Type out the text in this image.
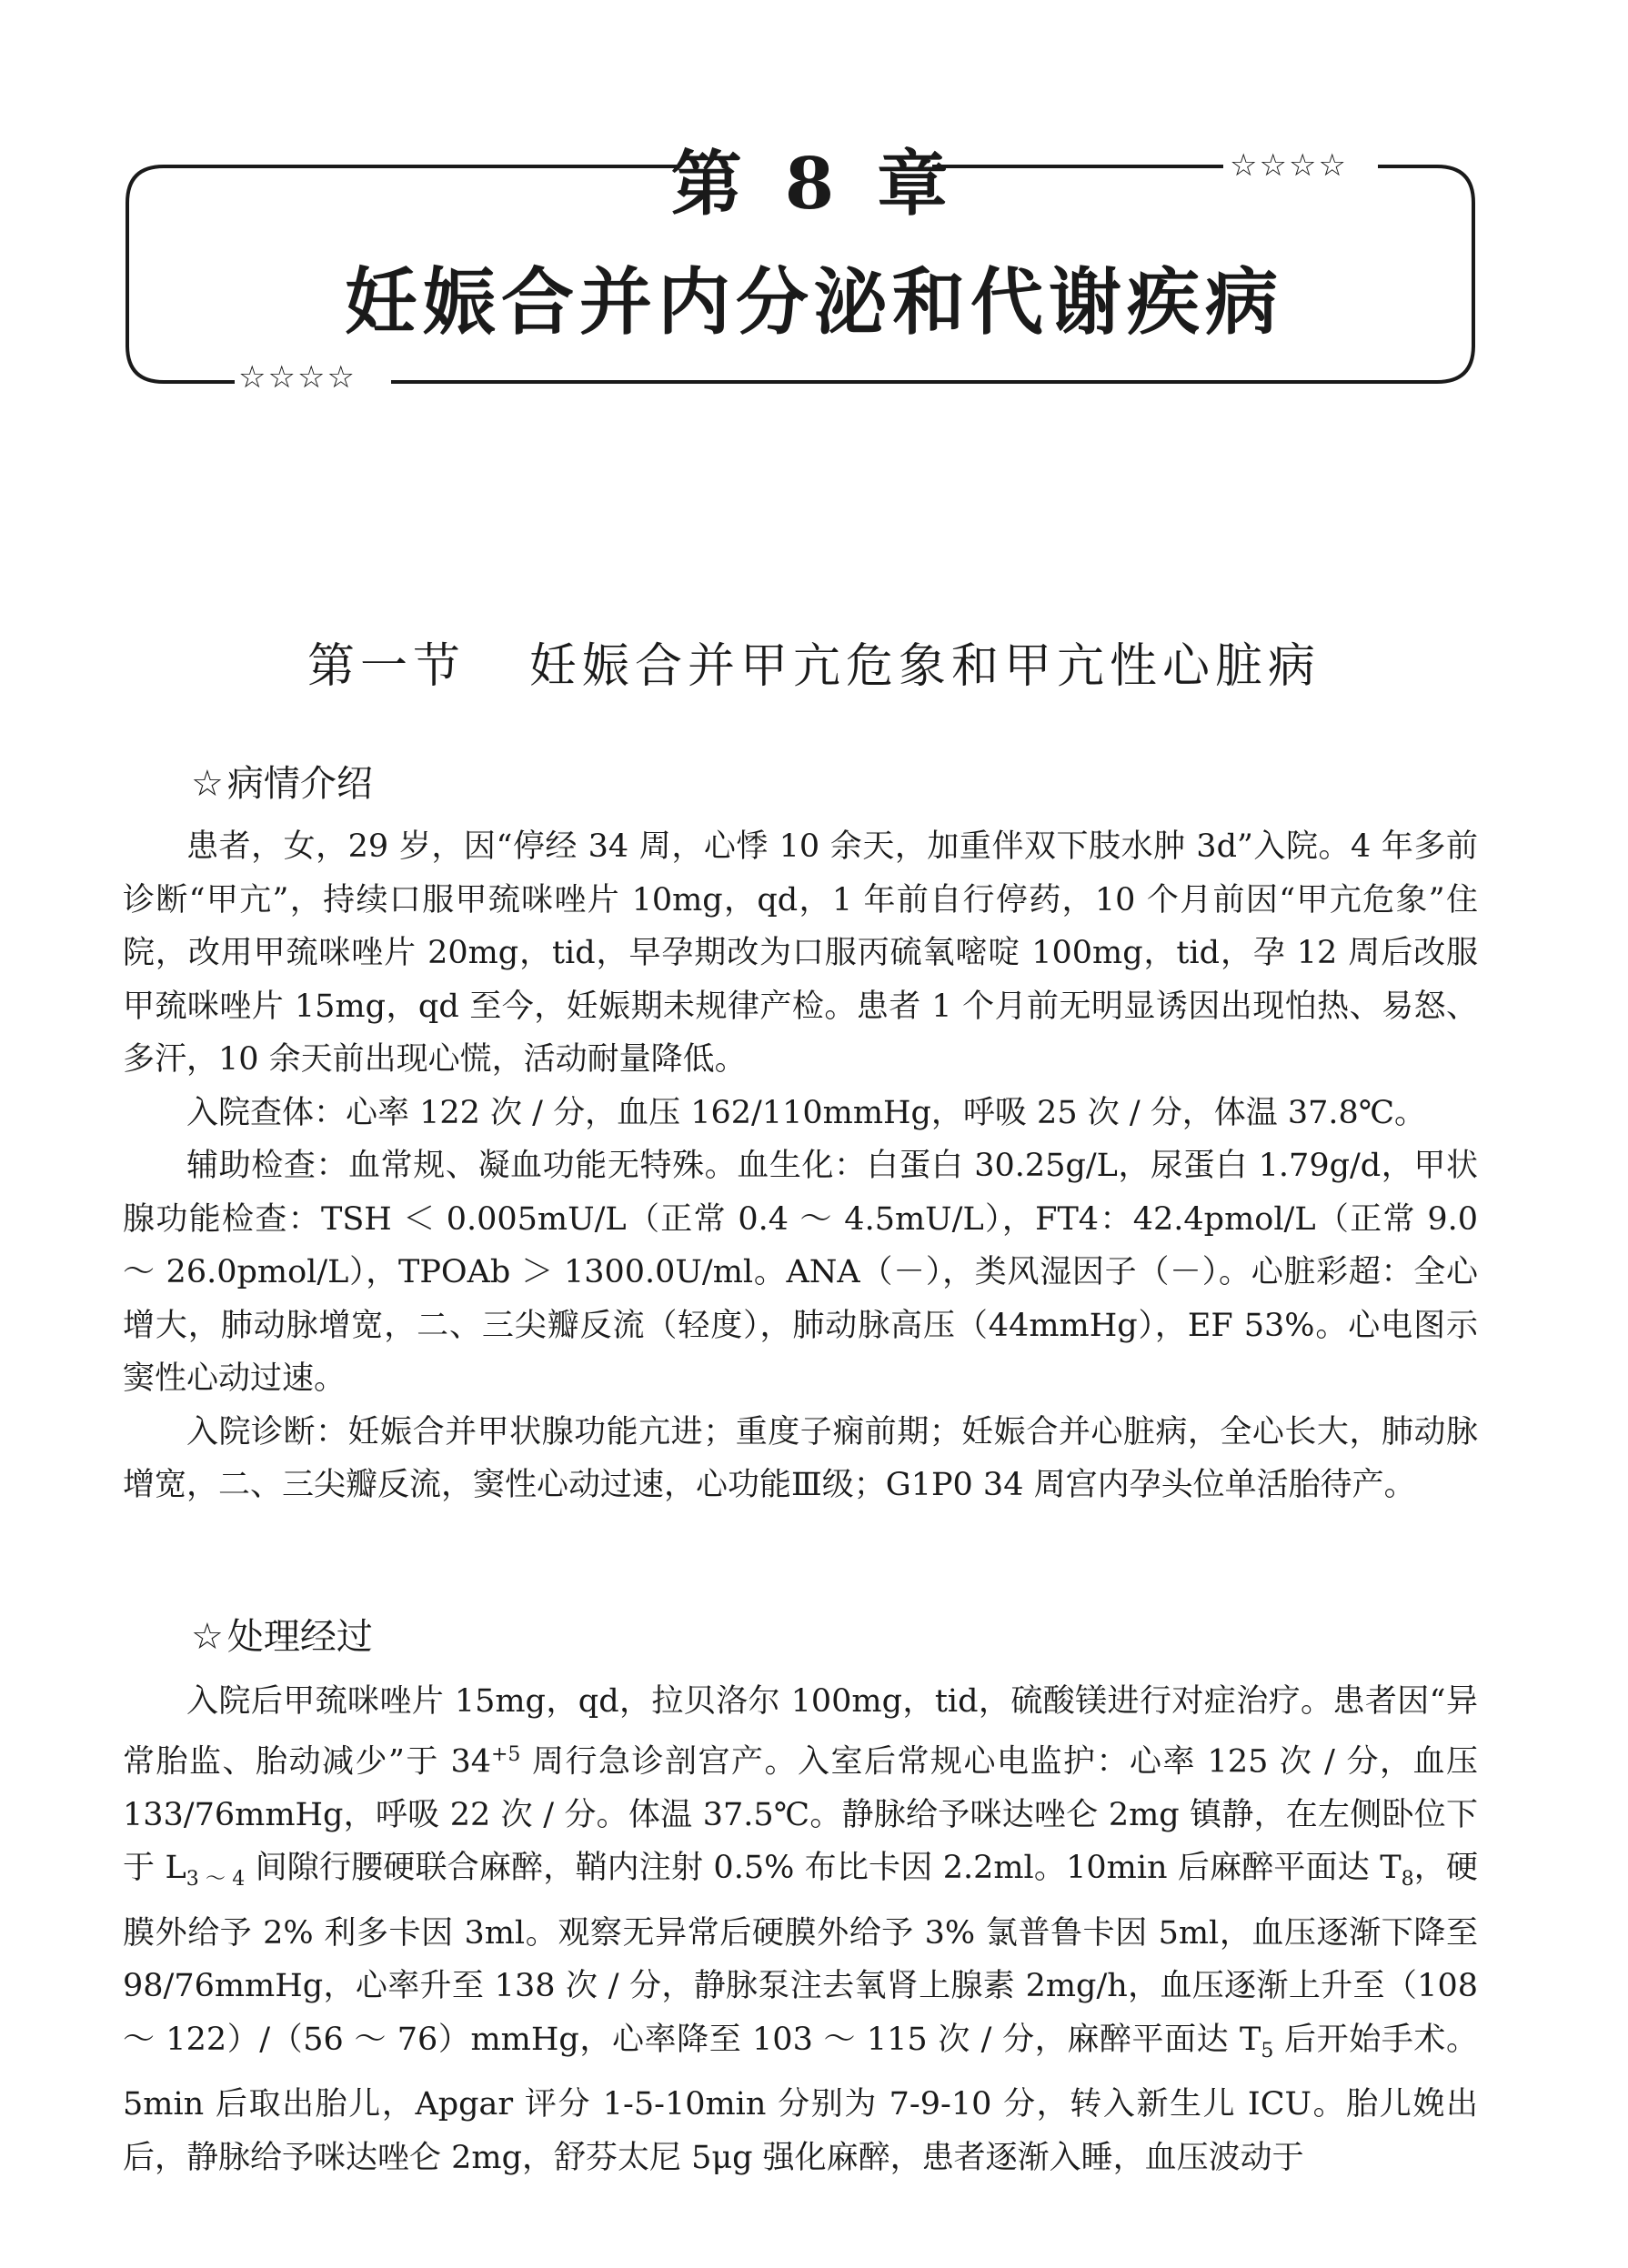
第 8 章
妊娠合并内分泌和代谢疾病
☆☆☆☆
☆☆☆☆
第一节 妊娠合并甲亢危象和甲亢性心脏病
☆ 病情介绍

患者，女，29 岁，因“停经 34 周，心悸 10 余天，加重伴双下肢水肿 3d”入院。4 年多前诊断“甲亢”，持续口服甲巯咪唑片 10mg，qd，1 年前自行停药，10 个月前因“甲亢危象”住院，改用甲巯咪唑片 20mg，tid，早孕期改为口服丙硫氧嘧啶 100mg，tid，孕 12 周后改服甲巯咪唑片 15mg，qd 至今，妊娠期未规律产检。患者 1 个月前无明显诱因出现怕热、易怒、多汗，10 余天前出现心慌，活动耐量降低。

入院查体：心率 122 次 / 分，血压 162/110mmHg，呼吸 25 次 / 分，体温 37.8℃。

辅助检查：血常规、凝血功能无特殊。血生化：白蛋白 30.25g/L，尿蛋白 1.79g/d，甲状腺功能检查：TSH ＜ 0.005mU/L（正常 0.4 ～ 4.5mU/L），FT4：42.4pmol/L（正常 9.0 ～ 26.0pmol/L），TPOAb ＞ 1300.0U/ml。ANA（－），类风湿因子（－）。心脏彩超：全心增大，肺动脉增宽，二、三尖瓣反流（轻度），肺动脉高压（44mmHg），EF 53%。心电图示窦性心动过速。

入院诊断：妊娠合并甲状腺功能亢进；重度子痫前期；妊娠合并心脏病，全心长大，肺动脉增宽，二、三尖瓣反流，窦性心动过速，心功能Ⅲ级；G1P0 34 周宫内孕头位单活胎待产。

☆ 处理经过

入院后甲巯咪唑片 15mg，qd，拉贝洛尔 100mg，tid，硫酸镁进行对症治疗。患者因“异常胎监、胎动减少”于 $34^{+5}$ 周行急诊剖宫产。入室后常规心电监护：心率 125 次 / 分，血压 133/76mmHg，呼吸 22 次 / 分。体温 37.5℃。静脉给予咪达唑仑 2mg 镇静，在左侧卧位下于 $L_{3 \sim 4}$ 间隙行腰硬联合麻醉，鞘内注射 0.5% 布比卡因 2.2ml。10min 后麻醉平面达 $T_8$，硬膜外给予 2% 利多卡因 3ml。观察无异常后硬膜外给予 3% 氯普鲁卡因 5ml，血压逐渐下降至 98/76mmHg，心率升至 138 次 / 分，静脉泵注去氧肾上腺素 2mg/h，血压逐渐上升至（108 ～ 122）/（56 ～ 76）mmHg，心率降至 103 ～ 115 次 / 分，麻醉平面达 $T_5$ 后开始手术。 5min 后取出胎儿，Apgar 评分 1-5-10min 分别为 7-9-10 分，转入新生儿 ICU。胎儿娩出后，静脉给予咪达唑仑 2mg，舒芬太尼 5μg 强化麻醉，患者逐渐入睡，血压波动于
